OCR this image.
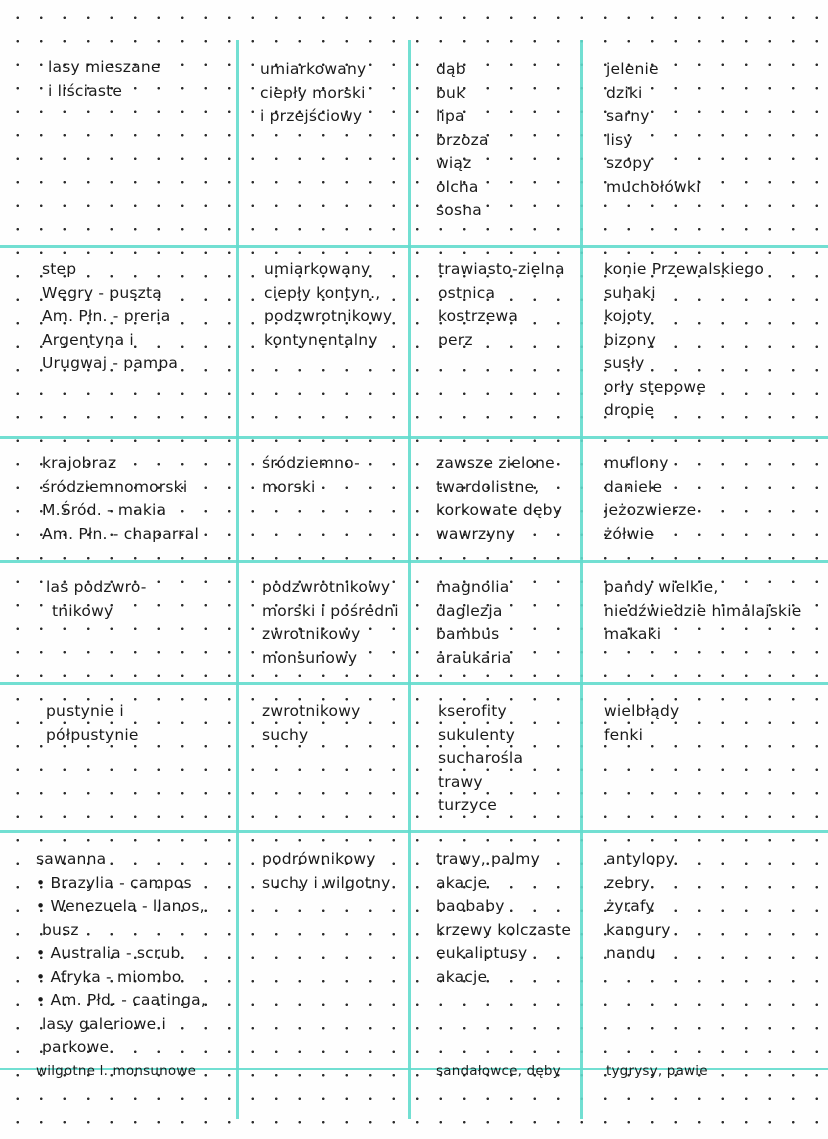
lasy mieszane
i liściaste
umiarkowany
ciepły morski
i przejściowy
dąb
buk
lipa
brzoza
wiąz
olcha
sosna
jelenie
dziki
sarny
lisy
szopy
muchołówki
step
Węgry - puszta
Am. Płn. - preria
Argentyna i
Urugwaj - pampa
umiarkowany
ciepły kontyn.,
podzwrotnikowy
kontynentalny
trawiasto-zielna
ostnica
kostrzewa
perz
konie Przewalskiego
suhaki
kojoty
bizony
susły
orły stepowe
dropie
krajobraz
śródziemnomorski
M.Śród. - makia
Am. Płn. - chaparral
śródziemno-
morski
zawsze zielone
twardolistne,
korkowate dęby
wawrzyny
muflony
daniele
jeżozwierze
żółwie
las podzwro-
tnikowy
podzwrotnikowy
morski i pośredni
zwrotnikowy
monsunowy
magnolia
daglezja
bambus
araukaria
pandy wielkie,
niedźwiedzie himalajskie
makaki
pustynie i
półpustynie
zwrotnikowy
suchy
kserofity
sukulenty
sucharośla
trawy
turzyce
wielbłądy
fenki
sawanna
• Brazylia - campos
• Wenezuela - llanos,
busz
• Australia - scrub
• Afryka - miombo
• Am. Płd. - caatinga,
lasy galeriowe i
parkowe
wilgotne l. monsunowe
podrównikowy
suchy i wilgotny
trawy, palmy
akacje
baobaby
krzewy kolczaste
eukaliptusy
akacje

sandałowce, dęby
antylopy
zebry
żyrafy
kangury
nandu

tygrysy, pawie
